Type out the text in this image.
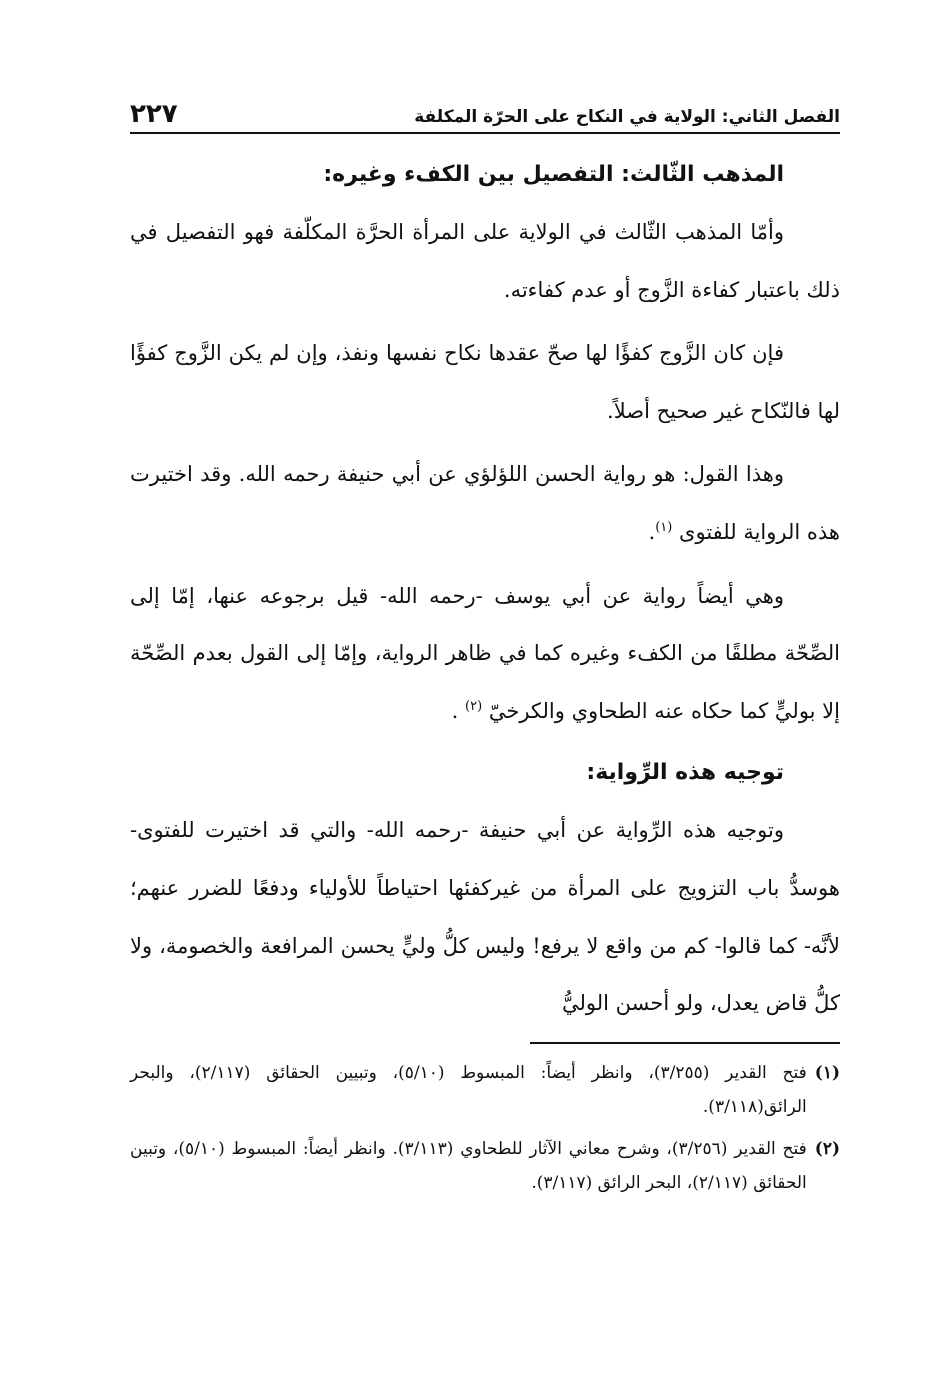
الفصل الثاني: الولاية في النكاح على الحرّة المكلفة
٢٢٧
المذهب الثّالث: التفصيل بين الكفء وغيره:

وأمّا المذهب الثّالث في الولاية على المرأة الحرَّة المكلّفة فهو التفصيل في ذلك باعتبار كفاءة الزَّوج أو عدم كفاءته.

فإن كان الزَّوج كفؤًا لها صحّ عقدها نكاح نفسها ونفذ، وإن لم يكن الزَّوج كفؤًا لها فالنّكاح غير صحيح أصلاً.

وهذا القول: هو رواية الحسن اللؤلؤي عن أبي حنيفة رحمه الله. وقد اختيرت هذه الرواية للفتوى $^{(١)}$.

وهي أيضاً رواية عن أبي يوسف -رحمه الله- قيل برجوعه عنها، إمّا إلى الصِّحّة مطلقًا من الكفء وغيره كما في ظاهر الرواية، وإمّا إلى القول بعدم الصِّحّة إلا بوليٍّ كما حكاه عنه الطحاوي والكرخيّ $^{(٢)}$ .

توجيه هذه الرِّواية:

وتوجيه هذه الرِّواية عن أبي حنيفة -رحمه الله- والتي قد اختيرت للفتوى- هوسدُّ باب التزويج على المرأة من غيركفئها احتياطاً للأولياء ودفعًا للضرر عنهم؛ لأنَّه- كما قالوا- كم من واقع لا يرفع! وليس كلُّ وليٍّ يحسن المرافعة والخصومة، ولا كلُّ قاض يعدل، ولو أحسن الوليُّ

(١)
فتح القدير (٣/٢٥٥)، وانظر أيضاً: المبسوط (٥/١٠)، وتبيين الحقائق (٢/١١٧)، والبحر الرائق(٣/١١٨).
(٢)
فتح القدير (٣/٢٥٦)، وشرح معاني الآثار للطحاوي (٣/١١٣). وانظر أيضاً: المبسوط (٥/١٠)، وتبين الحقائق (٢/١١٧)، البحر الرائق (٣/١١٧).
